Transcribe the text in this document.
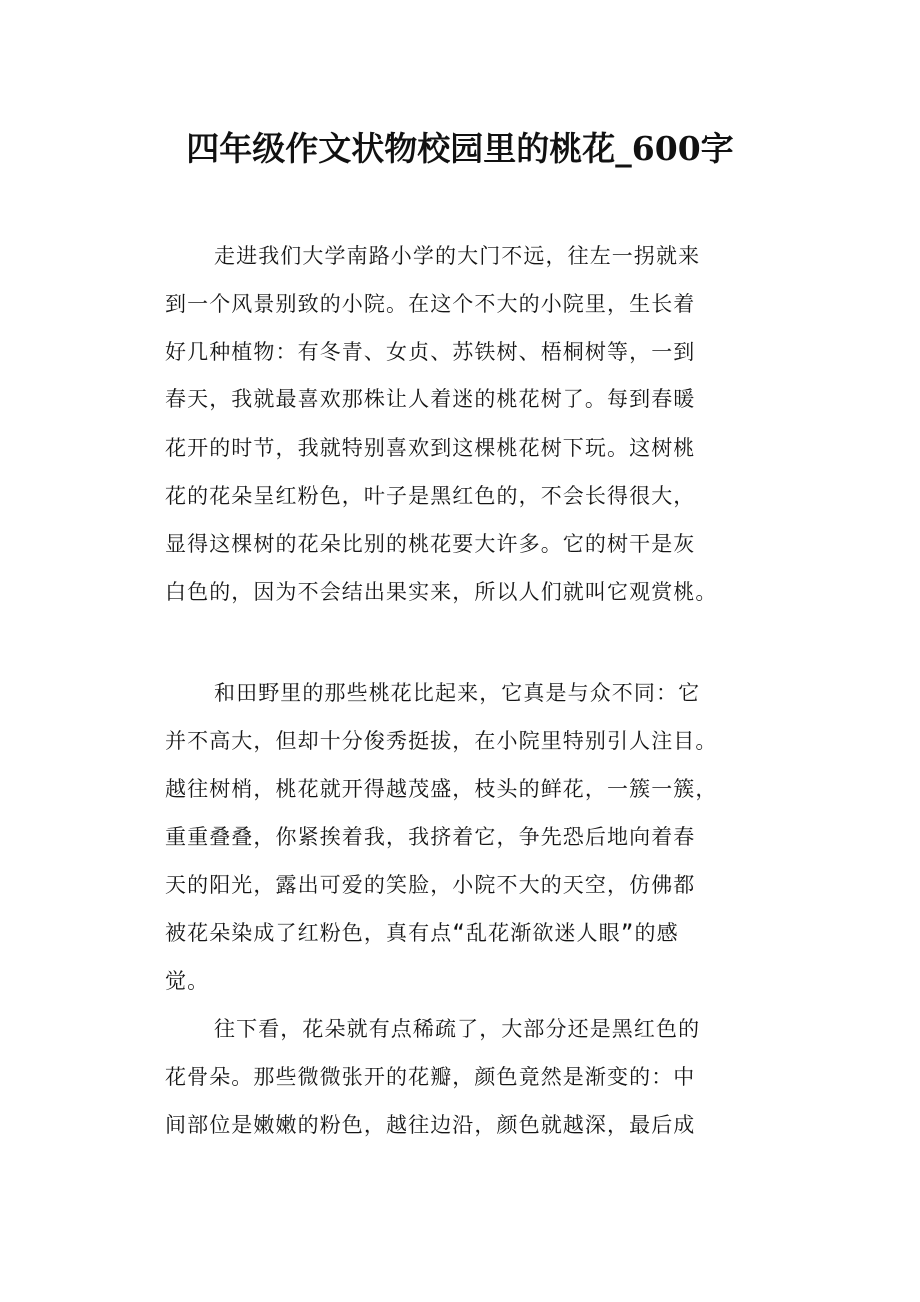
四年级作文状物校园里的桃花_600字

走进我们大学南路小学的大门不远，往左一拐就来

到一个风景别致的小院。在这个不大的小院里，生长着

好几种植物：有冬青、女贞、苏铁树、梧桐树等，一到

春天，我就最喜欢那株让人着迷的桃花树了。每到春暖

花开的时节，我就特别喜欢到这棵桃花树下玩。这树桃

花的花朵呈红粉色，叶子是黑红色的，不会长得很大，

显得这棵树的花朵比别的桃花要大许多。它的树干是灰

白色的，因为不会结出果实来，所以人们就叫它观赏桃。

和田野里的那些桃花比起来，它真是与众不同：它

并不高大，但却十分俊秀挺拔，在小院里特别引人注目。

越往树梢，桃花就开得越茂盛，枝头的鲜花，一簇一簇，

重重叠叠，你紧挨着我，我挤着它，争先恐后地向着春

天的阳光，露出可爱的笑脸，小院不大的天空，仿佛都

被花朵染成了红粉色，真有点“乱花渐欲迷人眼”的感

觉。

往下看，花朵就有点稀疏了，大部分还是黑红色的

花骨朵。那些微微张开的花瓣，颜色竟然是渐变的：中

间部位是嫩嫩的粉色，越往边沿，颜色就越深，最后成
